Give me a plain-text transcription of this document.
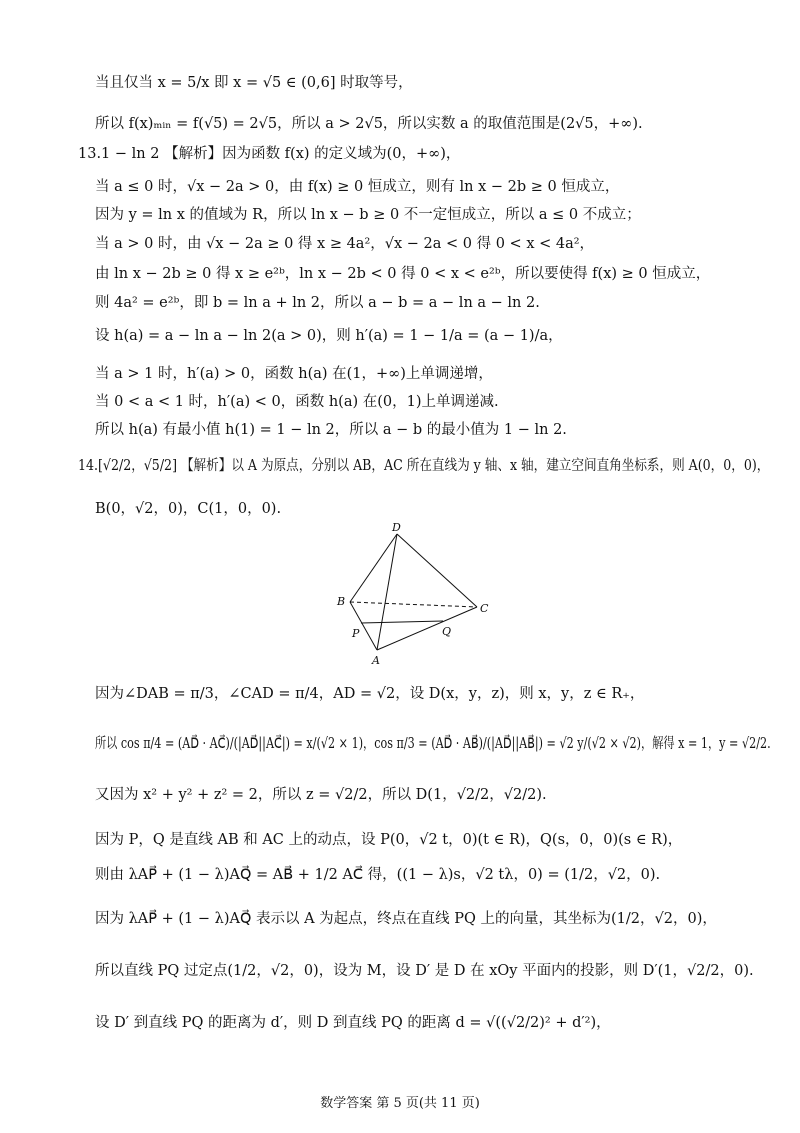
当且仅当 x = 5/x 即 x = √5 ∈ (0,6] 时取等号，
所以 f(x)ₘᵢₙ = f(√5) = 2√5，所以 a > 2√5，所以实数 a 的取值范围是(2√5，+∞).
13.1 − ln 2 【解析】因为函数 f(x) 的定义域为(0，+∞)，
当 a ≤ 0 时，√x − 2a > 0，由 f(x) ≥ 0 恒成立，则有 ln x − 2b ≥ 0 恒成立，
因为 y = ln x 的值域为 R，所以 ln x − b ≥ 0 不一定恒成立，所以 a ≤ 0 不成立；
当 a > 0 时，由 √x − 2a ≥ 0 得 x ≥ 4a²，√x − 2a < 0 得 0 < x < 4a²，
由 ln x − 2b ≥ 0 得 x ≥ e²ᵇ，ln x − 2b < 0 得 0 < x < e²ᵇ，所以要使得 f(x) ≥ 0 恒成立，
则 4a² = e²ᵇ，即 b = ln a + ln 2，所以 a − b = a − ln a − ln 2.
设 h(a) = a − ln a − ln 2(a > 0)，则 h′(a) = 1 − 1/a = (a − 1)/a，
当 a > 1 时，h′(a) > 0，函数 h(a) 在(1，+∞)上单调递增，
当 0 < a < 1 时，h′(a) < 0，函数 h(a) 在(0，1)上单调递减.
所以 h(a) 有最小值 h(1) = 1 − ln 2，所以 a − b 的最小值为 1 − ln 2.
14.[√2/2，√5/2] 【解析】以 A 为原点，分别以 AB，AC 所在直线为 y 轴、x 轴，建立空间直角坐标系，则 A(0，0，0)，
B(0，√2，0)，C(1，0，0).
D
B
C
P	Q
A
因为∠DAB = π/3，∠CAD = π/4，AD = √2，设 D(x，y，z)，则 x，y，z ∈ R₊，
所以 cos π/4 = (AD⃗ · AC⃗)/(|AD⃗||AC⃗|) = x/(√2 × 1)，cos π/3 = (AD⃗ · AB⃗)/(|AD⃗||AB⃗|) = √2 y/(√2 × √2)，解得 x = 1，y = √2/2.
又因为 x² + y² + z² = 2，所以 z = √2/2，所以 D(1，√2/2，√2/2).
因为 P，Q 是直线 AB 和 AC 上的动点，设 P(0，√2 t，0)(t ∈ R)，Q(s，0，0)(s ∈ R)，
则由 λAP⃗ + (1 − λ)AQ⃗ = AB⃗ + 1/2 AC⃗ 得，((1 − λ)s，√2 tλ，0) = (1/2，√2，0).
因为 λAP⃗ + (1 − λ)AQ⃗ 表示以 A 为起点，终点在直线 PQ 上的向量，其坐标为(1/2，√2，0)，
所以直线 PQ 过定点(1/2，√2，0)，设为 M，设 D′ 是 D 在 xOy 平面内的投影，则 D′(1，√2/2，0).
设 D′ 到直线 PQ 的距离为 d′，则 D 到直线 PQ 的距离 d = √((√2/2)² + d′²)，
数学答案 第 5 页(共 11 页)
